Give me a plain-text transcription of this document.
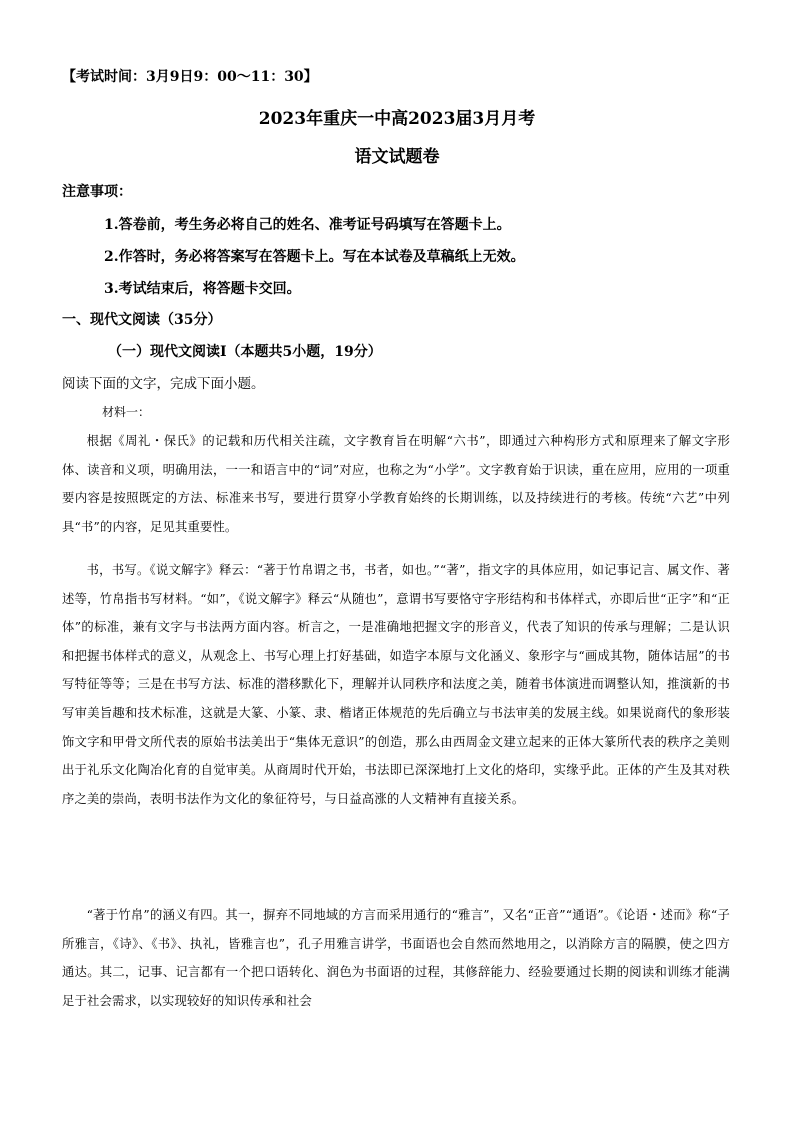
【考试时间：3月9日9：00～11：30】
2023年重庆一中高2023届3月月考
语文试题卷
注意事项：
1.答卷前，考生务必将自己的姓名、准考证号码填写在答题卡上。
2.作答时，务必将答案写在答题卡上。写在本试卷及草稿纸上无效。
3.考试结束后，将答题卡交回。
一、现代文阅读（35分）
（一）现代文阅读Ⅰ（本题共5小题，19分）
阅读下面的文字，完成下面小题。
材料一：
根据《周礼・保氏》的记载和历代相关注疏，文字教育旨在明解“六书”，即通过六种构形方式和原理来了解文字形体、读音和义项，明确用法，一一和语言中的“词”对应，也称之为“小学”。文字教育始于识读，重在应用，应用的一项重要内容是按照既定的方法、标准来书写，要进行贯穿小学教育始终的长期训练，以及持续进行的考核。传统“六艺”中列具“书”的内容，足见其重要性。
书，书写。《说文解字》释云：“著于竹帛谓之书，书者，如也。”“著”，指文字的具体应用，如记事记言、属文作、著述等，竹帛指书写材料。“如”，《说文解字》释云“从随也”，意谓书写要恪守字形结构和书体样式，亦即后世“正字”和“正体”的标准，兼有文字与书法两方面内容。析言之，一是准确地把握文字的形音义，代表了知识的传承与理解；二是认识和把握书体样式的意义，从观念上、书写心理上打好基础，如造字本原与文化涵义、象形字与“画成其物，随体诘屈”的书写特征等等；三是在书写方法、标准的潜移默化下，理解并认同秩序和法度之美，随着书体演进而调整认知，推演新的书写审美旨趣和技术标准，这就是大篆、小篆、隶、楷诸正体规范的先后确立与书法审美的发展主线。如果说商代的象形装饰文字和甲骨文所代表的原始书法美出于“集体无意识”的创造，那么由西周金文建立起来的正体大篆所代表的秩序之美则出于礼乐文化陶冶化育的自觉审美。从商周时代开始，书法即已深深地打上文化的烙印，实缘乎此。正体的产生及其对秩序之美的崇尚，表明书法作为文化的象征符号，与日益高涨的人文精神有直接关系。
“著于竹帛”的涵义有四。其一，摒弃不同地域的方言而采用通行的“雅言”，又名“正音”“通语”。《论语・述而》称“子所雅言，《诗》、《书》、执礼，皆雅言也”，孔子用雅言讲学，书面语也会自然而然地用之，以消除方言的隔膜，使之四方通达。其二，记事、记言都有一个把口语转化、润色为书面语的过程，其修辞能力、经验要通过长期的阅读和训练才能满足于社会需求，以实现较好的知识传承和社会
